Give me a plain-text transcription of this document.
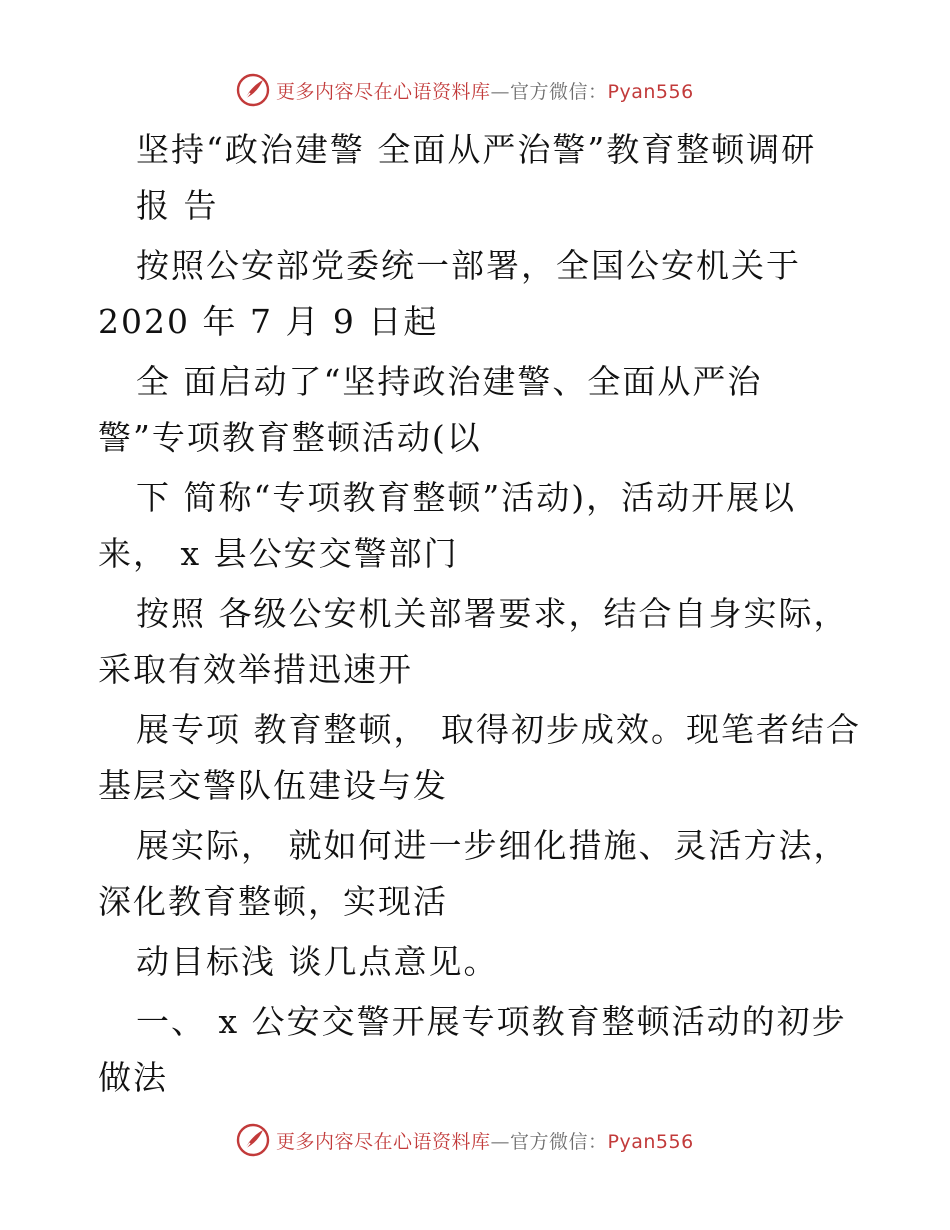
更多内容尽在心语资料库—官方微信：Pyan556

坚持“政治建警 全面从严治警”教育整顿调研

报 告

按照公安部党委统一部署，全国公安机关于

2020 年 7 月 9 日起

全 面启动了“坚持政治建警、全面从严治

警”专项教育整顿活动(以

下 简称“专项教育整顿”活动)，活动开展以

来， x 县公安交警部门

按照 各级公安机关部署要求，结合自身实际，

采取有效举措迅速开

展专项 教育整顿， 取得初步成效。现笔者结合

基层交警队伍建设与发

展实际， 就如何进一步细化措施、灵活方法，

深化教育整顿，实现活

动目标浅 谈几点意见。

一、 x 公安交警开展专项教育整顿活动的初步

做法

更多内容尽在心语资料库—官方微信：Pyan556
